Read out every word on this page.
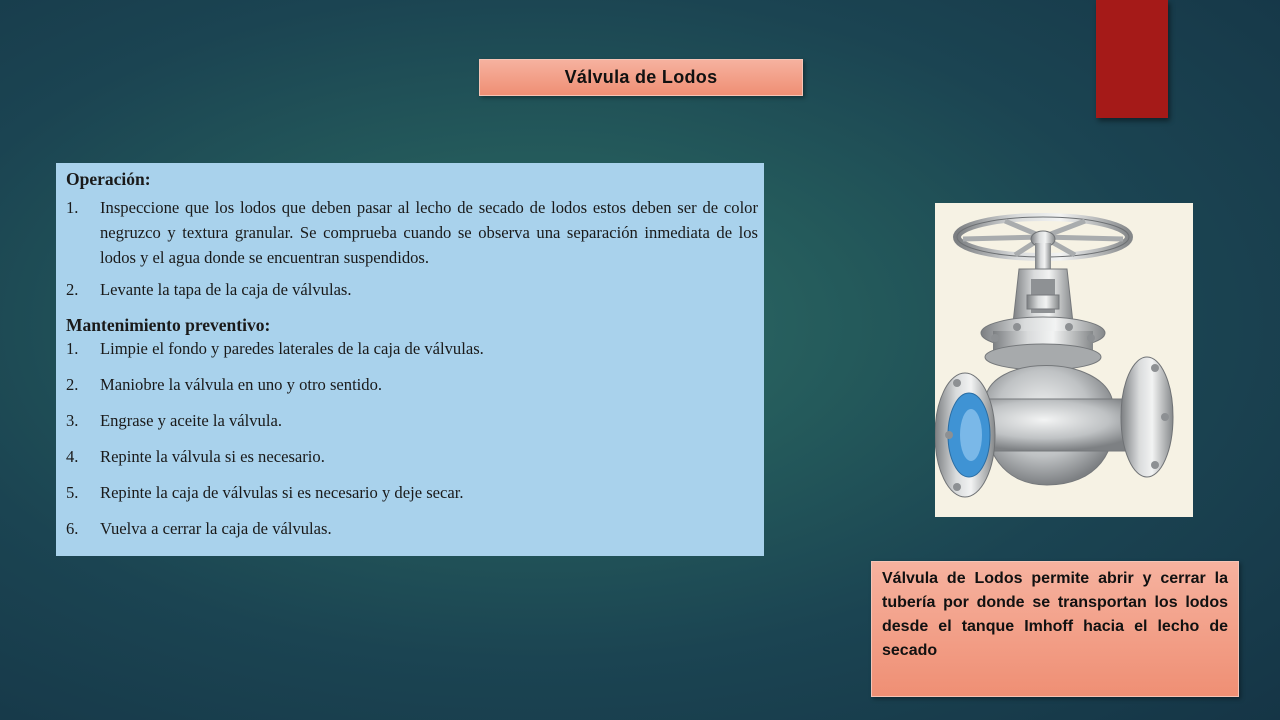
Válvula de Lodos

Operación:

1.	Inspeccione que los lodos que deben pasar al lecho de secado de lodos estos deben ser de color negruzco y textura granular. Se comprueba cuando se observa una separación inmediata de los lodos y el agua donde se encuentran suspendidos.
2.	Levante la tapa de la caja de válvulas.

Mantenimiento preventivo:

1.	Limpie el fondo y paredes laterales de la caja de válvulas.
2.	Maniobre la válvula en uno y otro sentido.
3.	Engrase y aceite la válvula.
4.	Repinte la válvula si es necesario.
5.	Repinte la caja de válvulas si es necesario y deje secar.
6.	Vuelva a cerrar la caja de válvulas.
Válvula de Lodos permite abrir y cerrar la tubería por donde se transportan los lodos desde el tanque Imhoff hacia el lecho de secado
